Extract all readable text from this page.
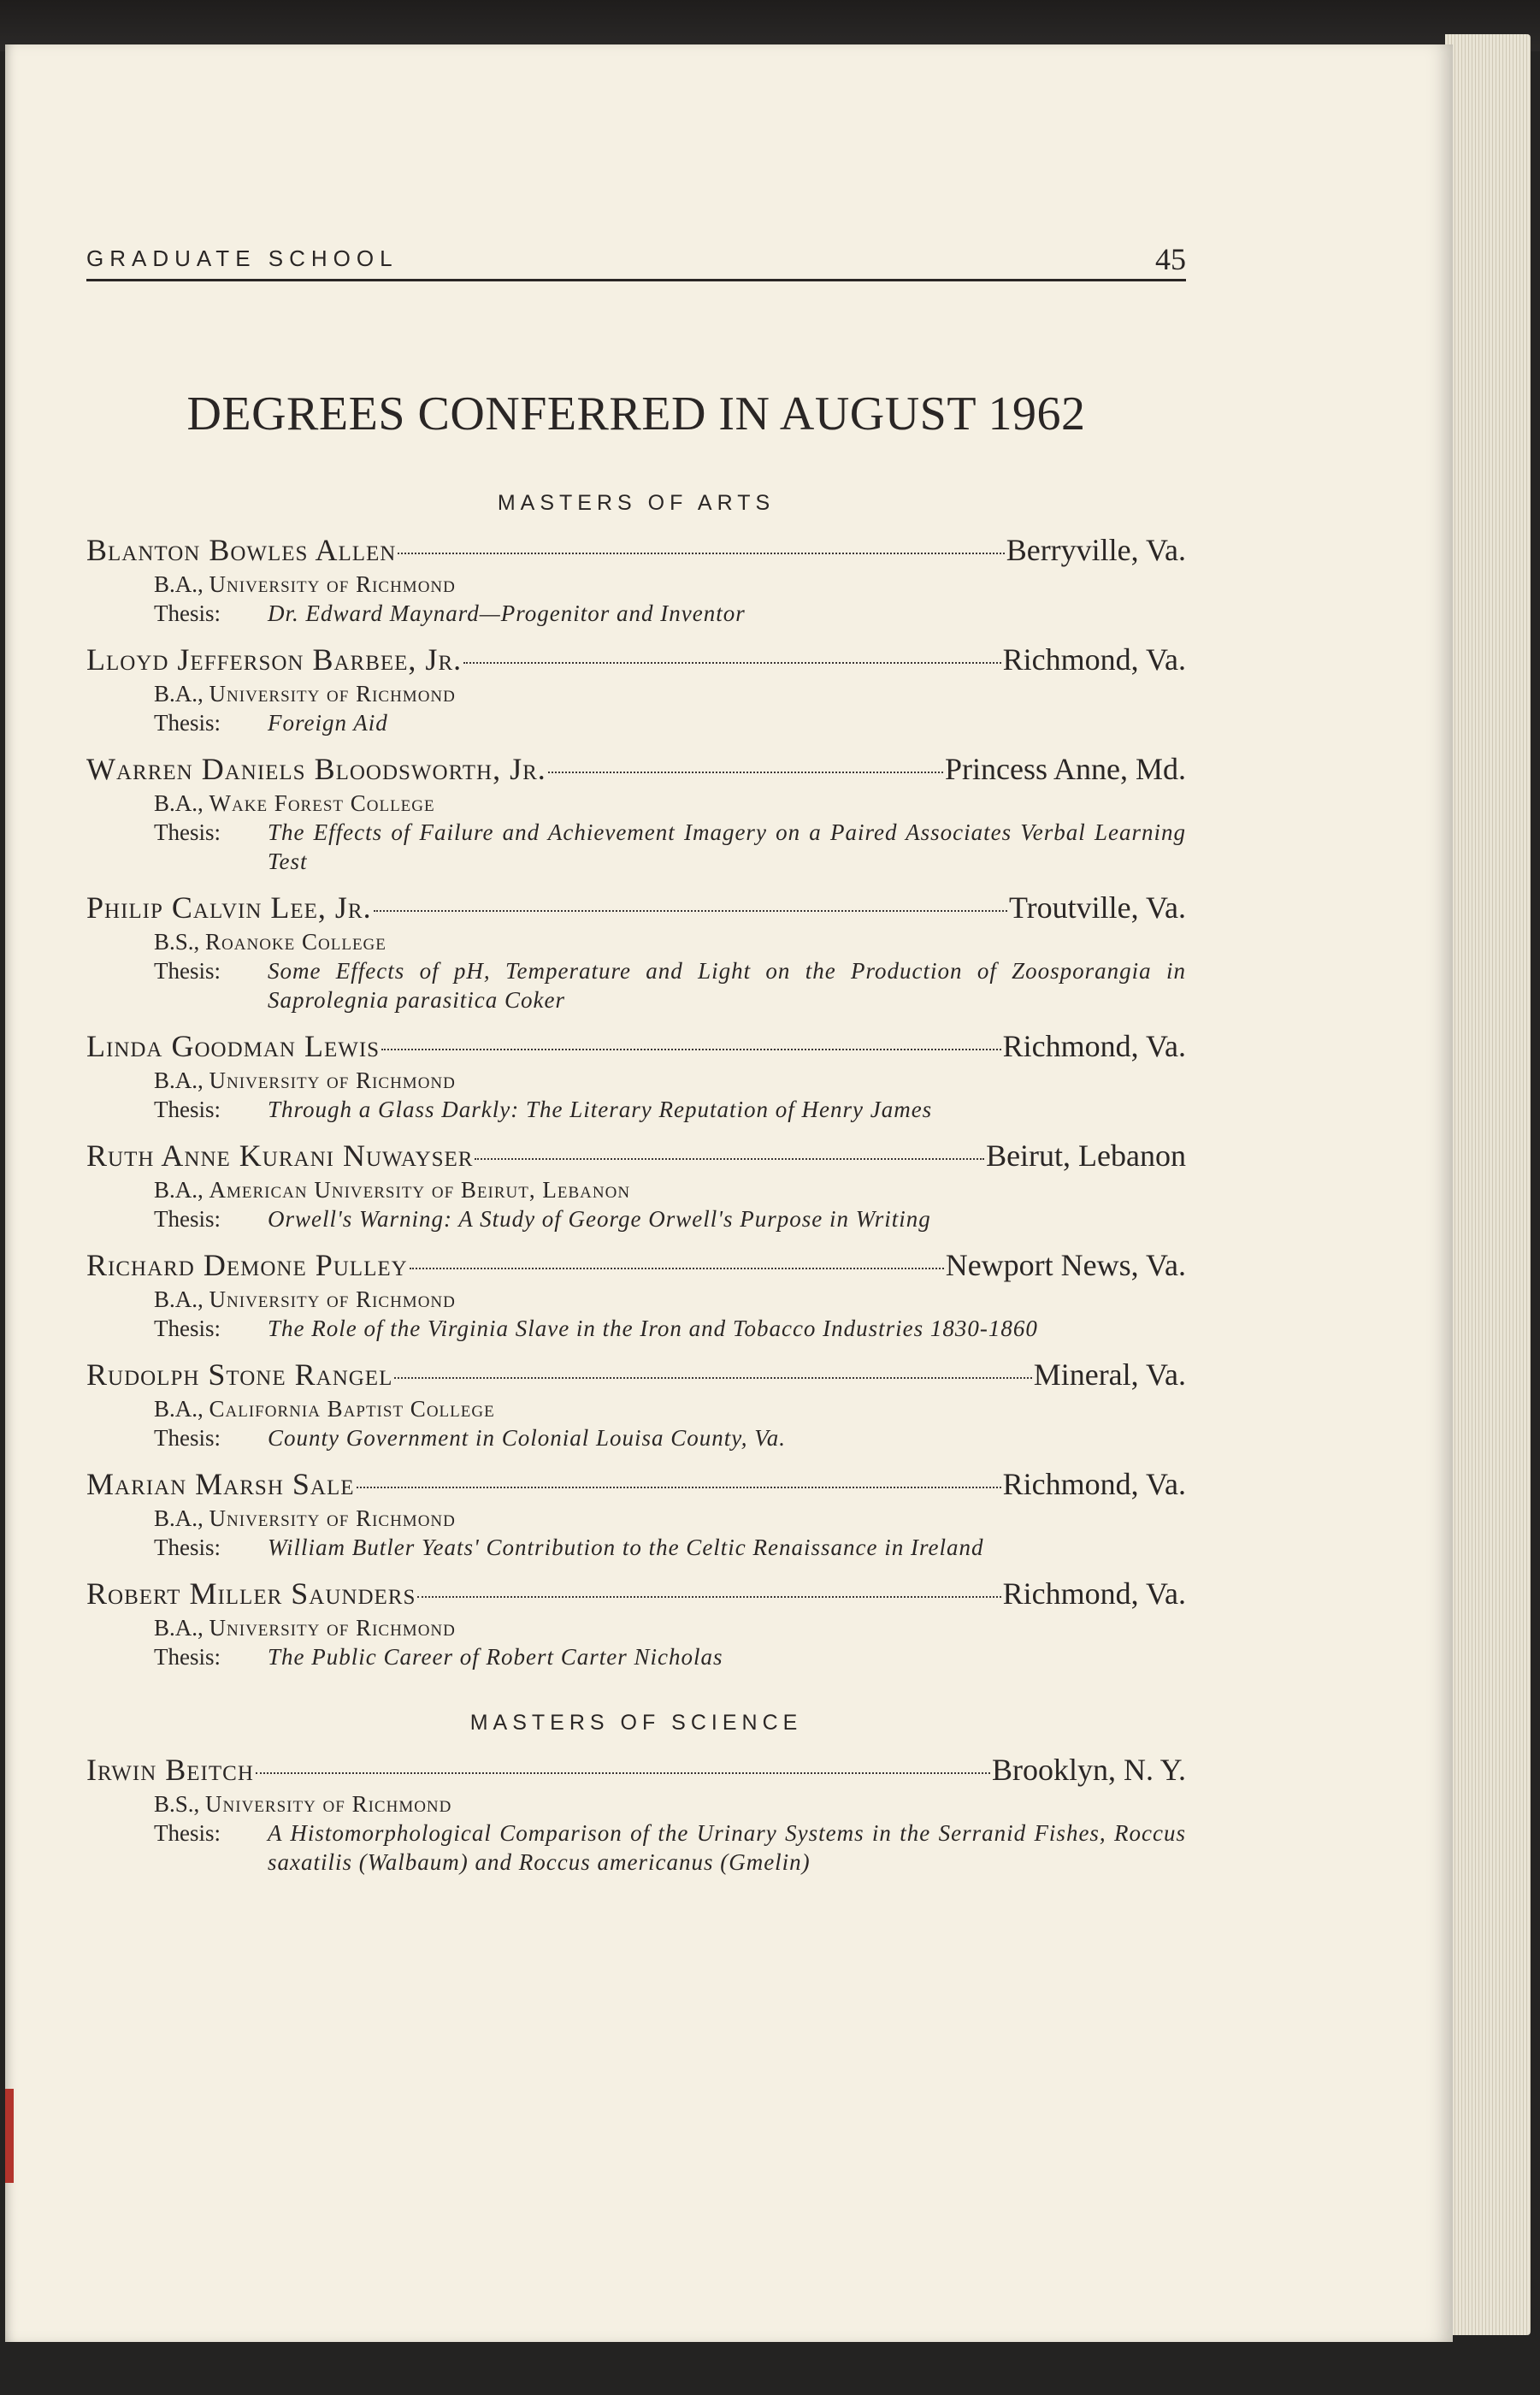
GRADUATE SCHOOL	45
DEGREES CONFERRED IN AUGUST 1962
MASTERS OF ARTS
Blanton Bowles Allen	Berryville, Va.
B.A., University of Richmond
Thesis:	Dr. Edward Maynard—Progenitor and Inventor
Lloyd Jefferson Barbee, Jr.	Richmond, Va.
B.A., University of Richmond
Thesis:	Foreign Aid
Warren Daniels Bloodsworth, Jr.	Princess Anne, Md.
B.A., Wake Forest College
Thesis:	The Effects of Failure and Achievement Imagery on a Paired Associates Verbal Learning Test
Philip Calvin Lee, Jr.	Troutville, Va.
B.S., Roanoke College
Thesis:	Some Effects of pH, Temperature and Light on the Production of Zoosporangia in Saprolegnia parasitica Coker
Linda Goodman Lewis	Richmond, Va.
B.A., University of Richmond
Thesis:	Through a Glass Darkly: The Literary Reputation of Henry James
Ruth Anne Kurani Nuwayser	Beirut, Lebanon
B.A., American University of Beirut, Lebanon
Thesis:	Orwell's Warning: A Study of George Orwell's Purpose in Writing
Richard Demone Pulley	Newport News, Va.
B.A., University of Richmond
Thesis:	The Role of the Virginia Slave in the Iron and Tobacco Industries 1830-1860
Rudolph Stone Rangel	Mineral, Va.
B.A., California Baptist College
Thesis:	County Government in Colonial Louisa County, Va.
Marian Marsh Sale	Richmond, Va.
B.A., University of Richmond
Thesis:	William Butler Yeats' Contribution to the Celtic Renaissance in Ireland
Robert Miller Saunders	Richmond, Va.
B.A., University of Richmond
Thesis:	The Public Career of Robert Carter Nicholas
MASTERS OF SCIENCE
Irwin Beitch	Brooklyn, N. Y.
B.S., University of Richmond
Thesis:	A Histomorphological Comparison of the Urinary Systems in the Serranid Fishes, Roccus saxatilis (Walbaum) and Roccus americanus (Gmelin)
